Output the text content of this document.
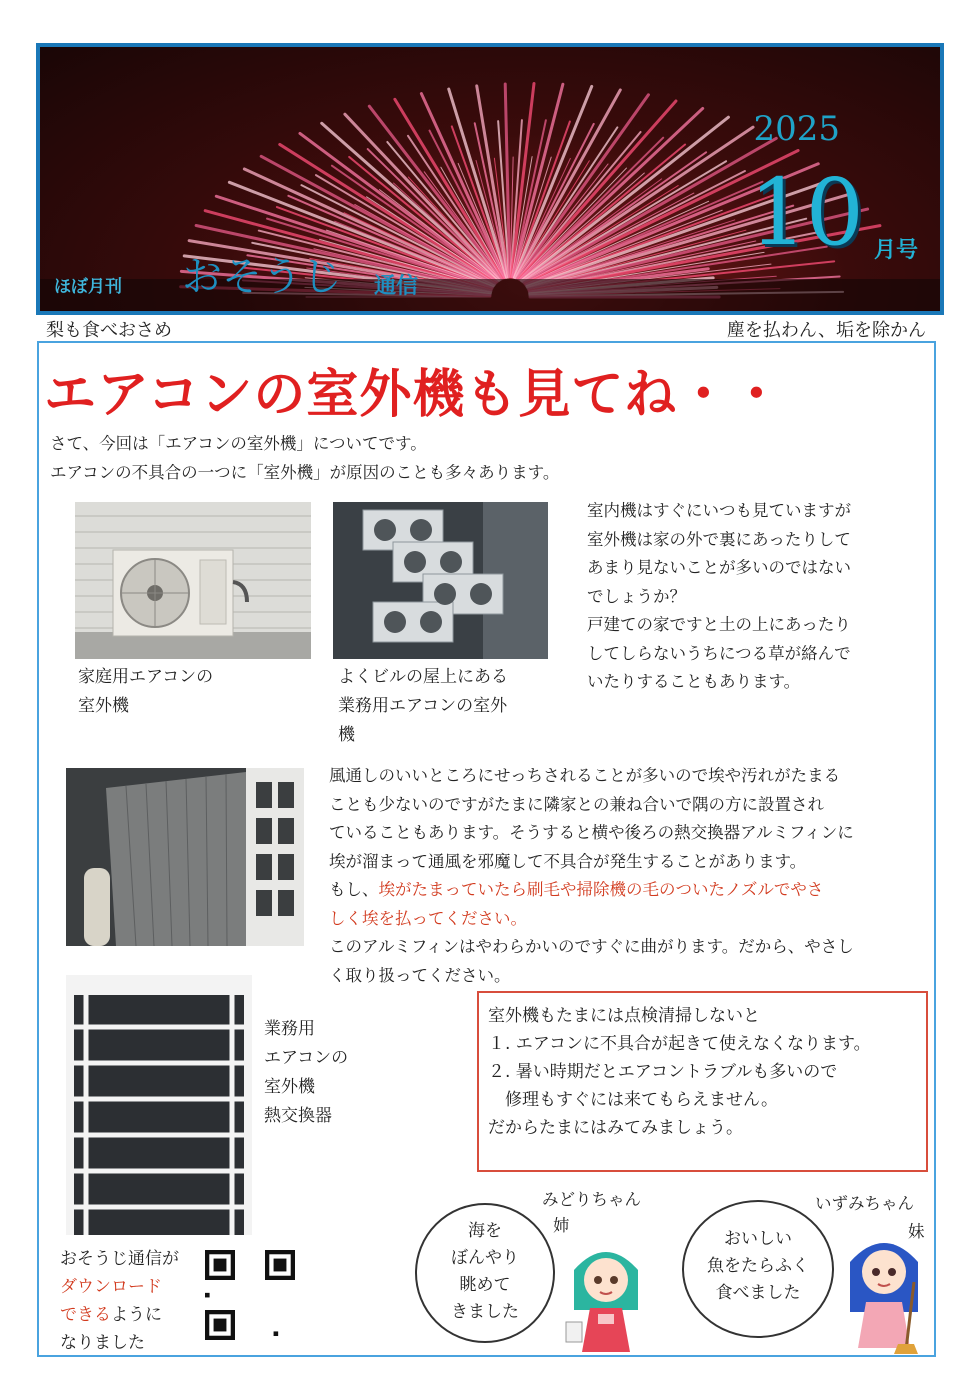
2025
10 月号
ほぼ月刊 おそうじ 通信
梨も食べおさめ	塵を払わん、垢を除かん
エアコンの室外機も見てね・・
さて、今回は「エアコンの室外機」についてです。
エアコンの不具合の一つに「室外機」が原因のことも多々あります。
家庭用エアコンの
室外機
よくビルの屋上にある
業務用エアコンの室外
機
室内機はすぐにいつも見ていますが
室外機は家の外で裏にあったりして
あまり見ないことが多いのではない
でしょうか？
戸建ての家ですと土の上にあったり
してしらないうちにつる草が絡んで
いたりすることもあります。
風通しのいいところにせっちされることが多いので埃や汚れがたまる
ことも少ないのですがたまに隣家との兼ね合いで隅の方に設置され
ていることもあります。そうすると横や後ろの熱交換器アルミフィンに
埃が溜まって通風を邪魔して不具合が発生することがあります。
もし、埃がたまっていたら刷毛や掃除機の毛のついたノズルでやさ
しく埃を払ってください。
このアルミフィンはやわらかいのですぐに曲がります。だから、やさし
く取り扱ってください。
業務用
エアコンの
室外機
熱交換器
室外機もたまには点検清掃しないと
１. エアコンに不具合が起きて使えなくなります。
２. 暑い時期だとエアコントラブルも多いので
　修理もすぐには来てもらえません。
だからたまにはみてみましょう。
みどりちゃん
姉
海を
ぼんやり
眺めて
きました
いずみちゃん
妹
おいしい
魚をたらふく
食べました
おそうじ通信が
ダウンロード
できるように
なりました
